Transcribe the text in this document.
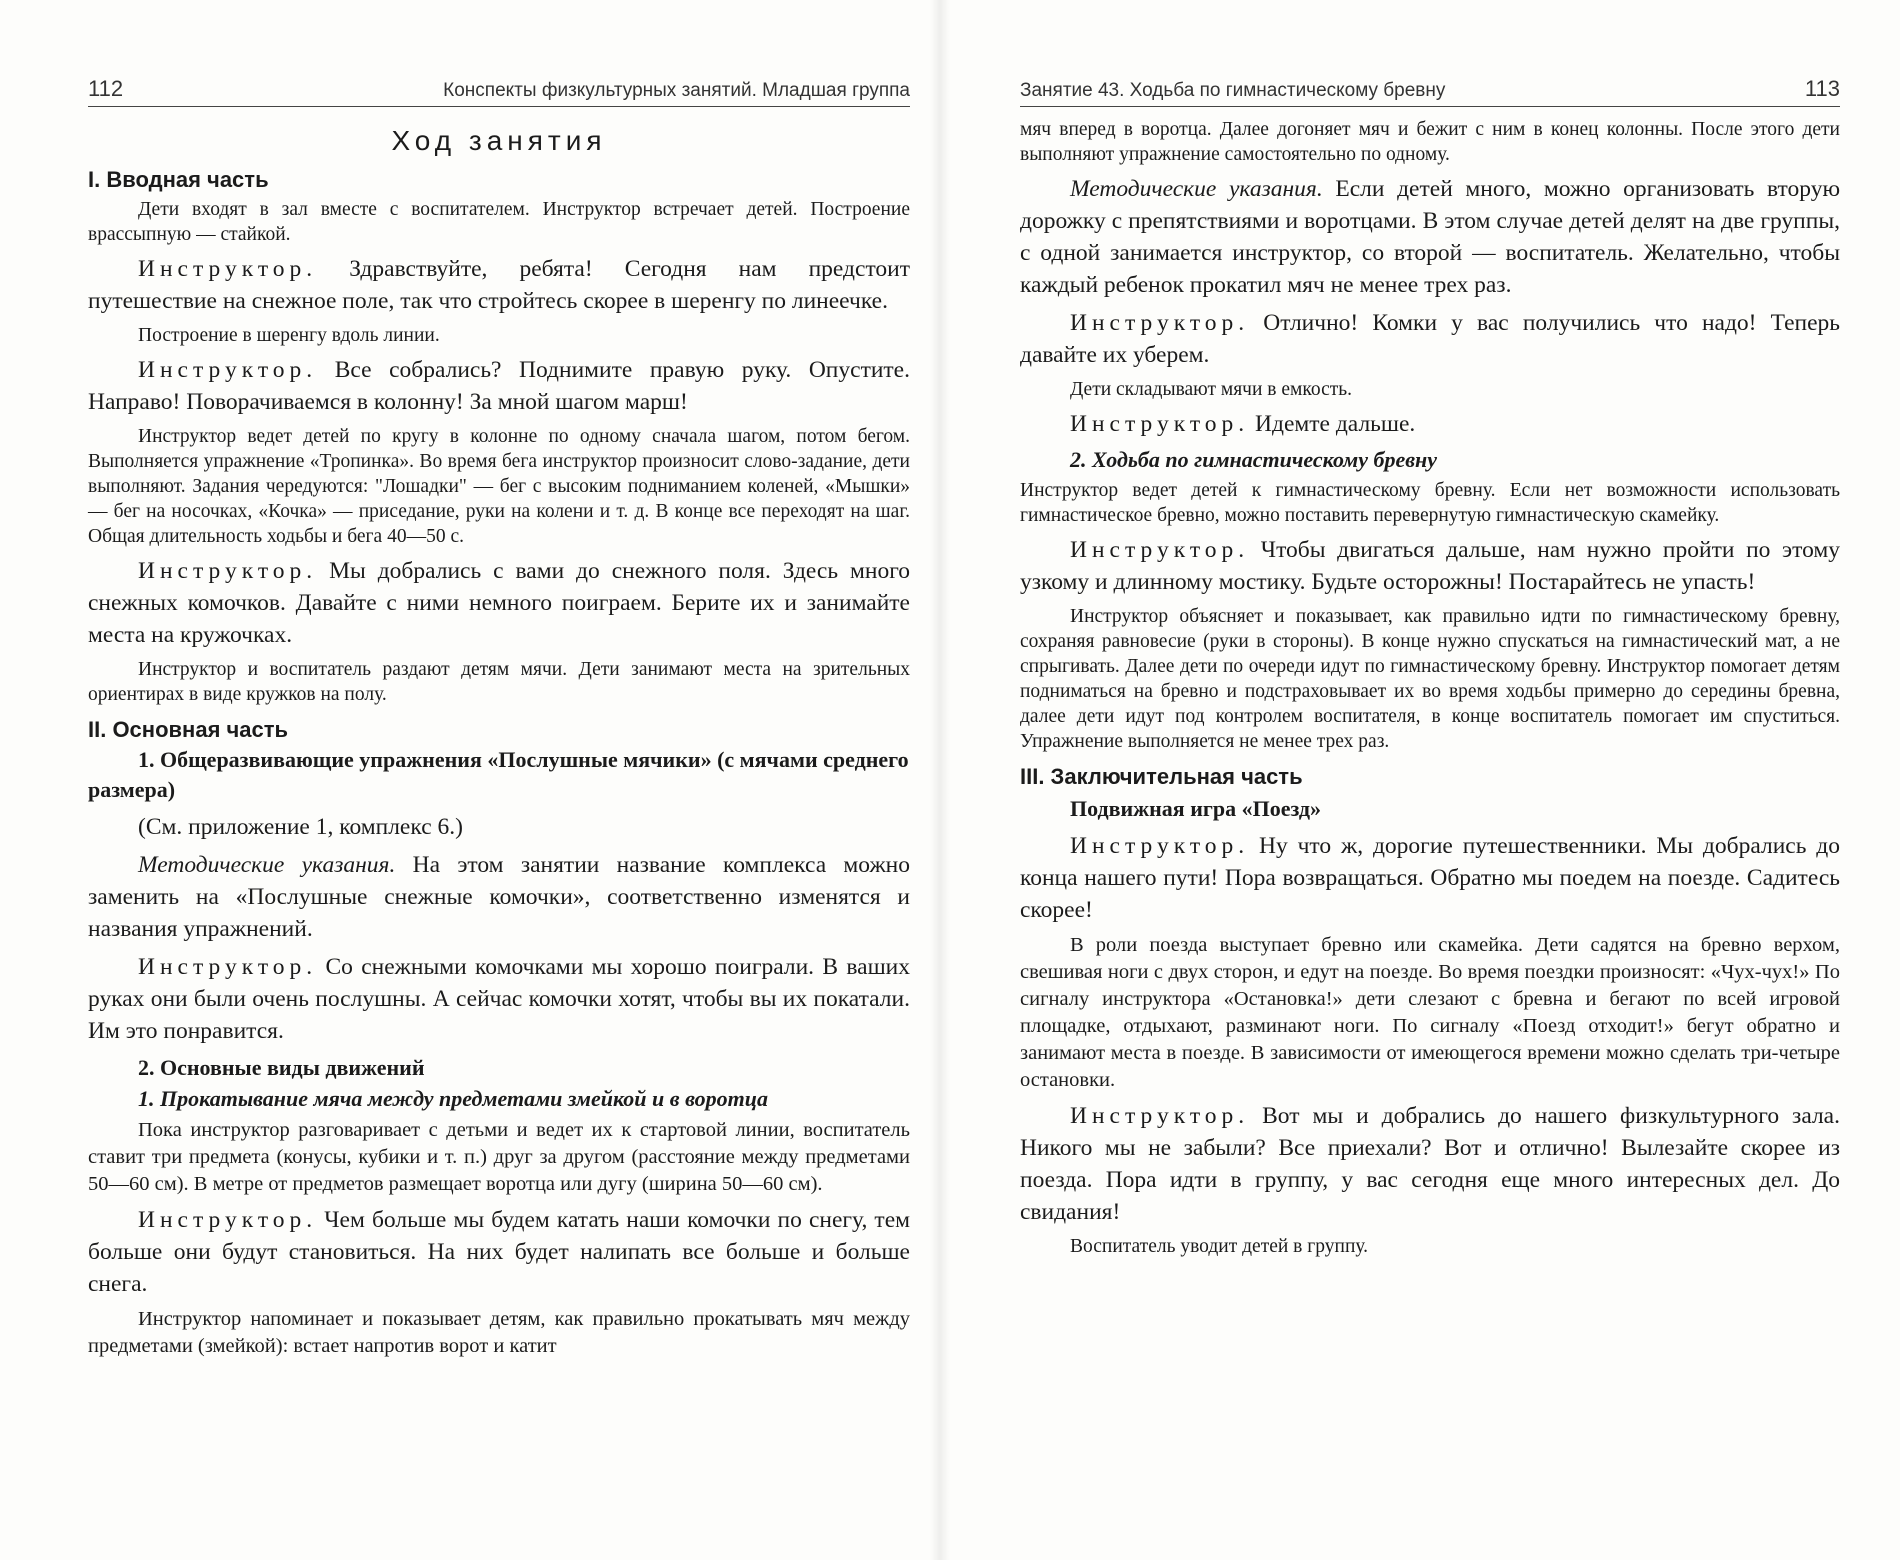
112	Конспекты физкультурных занятий. Младшая группа
Ход занятия
I. Вводная часть

Дети входят в зал вместе с воспитателем. Инструктор встречает детей. Построение врассыпную — стайкой.

Инструктор. Здравствуйте, ребята! Сегодня нам предстоит путешествие на снежное поле, так что стройтесь скорее в шеренгу по линеечке.

Построение в шеренгу вдоль линии.

Инструктор. Все собрались? Поднимите правую руку. Опустите. Направо! Поворачиваемся в колонну! За мной шагом марш!

Инструктор ведет детей по кругу в колонне по одному сначала шагом, потом бегом. Выполняется упражнение «Тропинка». Во время бега инструктор произносит слово-задание, дети выполняют. Задания чередуются: "Лошадки" — бег с высоким подниманием коленей, «Мышки» — бег на носочках, «Кочка» — приседание, руки на колени и т. д. В конце все переходят на шаг. Общая длительность ходьбы и бега 40—50 с.

Инструктор. Мы добрались с вами до снежного поля. Здесь много снежных комочков. Давайте с ними немного поиграем. Берите их и занимайте места на кружочках.

Инструктор и воспитатель раздают детям мячи. Дети занимают места на зрительных ориентирах в виде кружков на полу.

II. Основная часть
1. Общеразвивающие упражнения «Послушные мячики» (с мячами среднего размера)

(См. приложение 1, комплекс 6.)

Методические указания. На этом занятии название комплекса можно заменить на «Послушные снежные комочки», соответственно изменятся и названия упражнений.

Инструктор. Со снежными комочками мы хорошо поиграли. В ваших руках они были очень послушны. А сейчас комочки хотят, чтобы вы их покатали. Им это понравится.

2. Основные виды движений
1. Прокатывание мяча между предметами змейкой и в воротца

Пока инструктор разговаривает с детьми и ведет их к стартовой линии, воспитатель ставит три предмета (конусы, кубики и т. п.) друг за другом (расстояние между предметами 50—60 см). В метре от предметов размещает воротца или дугу (ширина 50—60 см).

Инструктор. Чем больше мы будем катать наши комочки по снегу, тем больше они будут становиться. На них будет налипать все больше и больше снега.

Инструктор напоминает и показывает детям, как правильно прокатывать мяч между предметами (змейкой): встает напротив ворот и катит

Занятие 43. Ходьба по гимнастическому бревну	113

мяч вперед в воротца. Далее догоняет мяч и бежит с ним в конец колонны. После этого дети выполняют упражнение самостоятельно по одному.

Методические указания. Если детей много, можно организовать вторую дорожку с препятствиями и воротцами. В этом случае детей делят на две группы, с одной занимается инструктор, со второй — воспитатель. Желательно, чтобы каждый ребенок прокатил мяч не менее трех раз.

Инструктор. Отлично! Комки у вас получились что надо! Теперь давайте их уберем.

Дети складывают мячи в емкость.

Инструктор. Идемте дальше.

2. Ходьба по гимнастическому бревну

Инструктор ведет детей к гимнастическому бревну. Если нет возможности использовать гимнастическое бревно, можно поставить перевернутую гимнастическую скамейку.

Инструктор. Чтобы двигаться дальше, нам нужно пройти по этому узкому и длинному мостику. Будьте осторожны! Постарайтесь не упасть!

Инструктор объясняет и показывает, как правильно идти по гимнастическому бревну, сохраняя равновесие (руки в стороны). В конце нужно спускаться на гимнастический мат, а не спрыгивать. Далее дети по очереди идут по гимнастическому бревну. Инструктор помогает детям подниматься на бревно и подстраховывает их во время ходьбы примерно до середины бревна, далее дети идут под контролем воспитателя, в конце воспитатель помогает им спуститься. Упражнение выполняется не менее трех раз.

III. Заключительная часть
Подвижная игра «Поезд»

Инструктор. Ну что ж, дорогие путешественники. Мы добрались до конца нашего пути! Пора возвращаться. Обратно мы поедем на поезде. Садитесь скорее!

В роли поезда выступает бревно или скамейка. Дети садятся на бревно верхом, свешивая ноги с двух сторон, и едут на поезде. Во время поездки произносят: «Чух-чух!» По сигналу инструктора «Остановка!» дети слезают с бревна и бегают по всей игровой площадке, отдыхают, разминают ноги. По сигналу «Поезд отходит!» бегут обратно и занимают места в поезде. В зависимости от имеющегося времени можно сделать три-четыре остановки.

Инструктор. Вот мы и добрались до нашего физкультурного зала. Никого мы не забыли? Все приехали? Вот и отлично! Вылезайте скорее из поезда. Пора идти в группу, у вас сегодня еще много интересных дел. До свидания!

Воспитатель уводит детей в группу.
